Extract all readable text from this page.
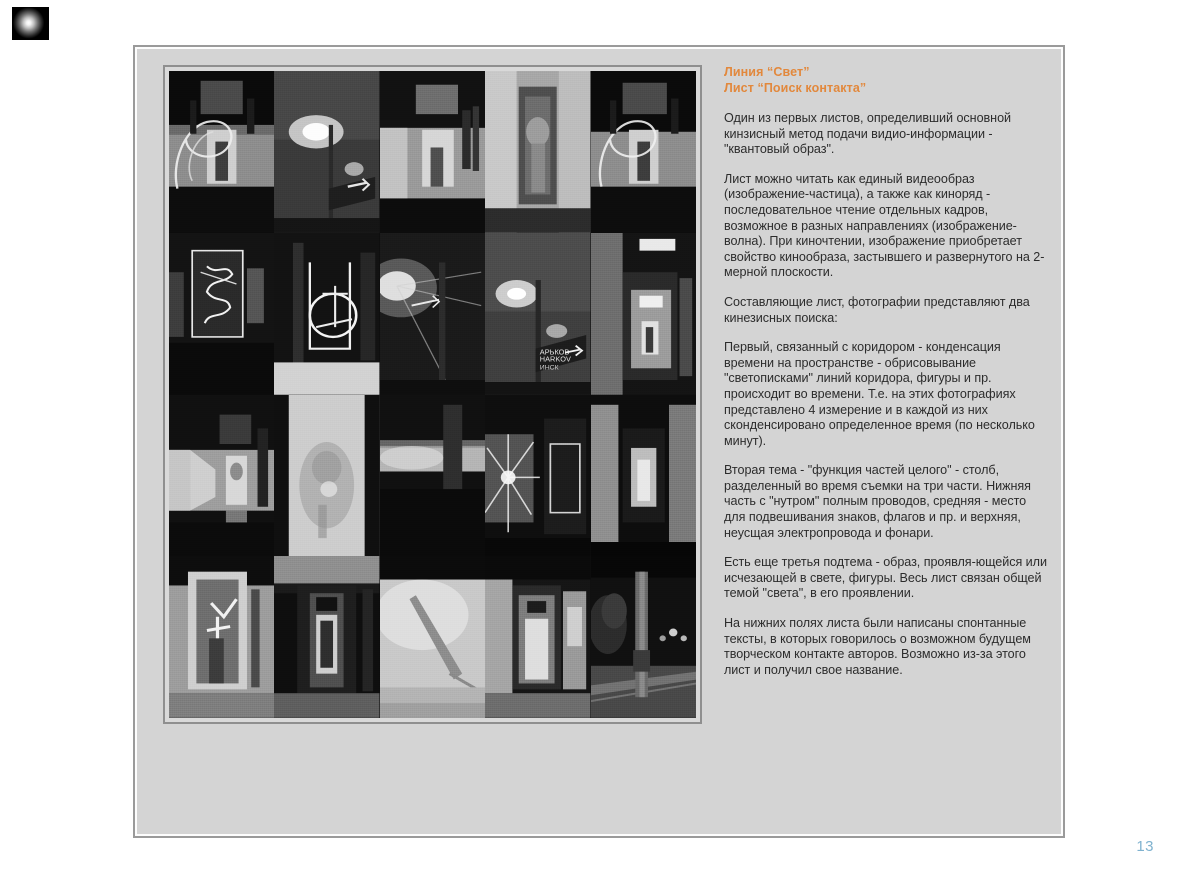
АРЬКОВ
HARKOV
ИНСК
Линия “Свет”
Лист “Поиск контакта”

Один из первых листов, определивший основной кинзисный метод подачи видио-информации - "квантовый образ".

Лист можно читать как единый видеообраз (изображение-частица), а также как киноряд - последовательное чтение отдельных кадров, возможное в разных направлениях (изображение-волна). При киночтении, изображение приобретает свойство кинообраза, застывшего и развернутого на 2-мерной плоскости.

Составляющие лист, фотографии представляют два кинезисных поиска:

Первый, связанный с коридором - конденсация времени на пространстве - обрисовывание "светописками" линий коридора, фигуры и пр. происходит во времени. Т.е. на этих фотографиях представлено 4 измерение и в каждой из них сконденсировано определенное время (по несколько минут).

Вторая тема - "функция частей целого" - столб, разделенный во время съемки на три части. Нижняя часть с "нутром" полным проводов, средняя - место для подвешивания знаков, флагов и пр. и верхняя, неусщая электропровода и фонари.

Есть еще третья подтема - образ, проявля-ющейся или исчезающей в свете, фигуры. Весь лист связан общей темой "света", в его проявлении.

На нижних полях листа были написаны спонтанные тексты, в которых говорилось о возможном будущем творческом контакте авторов. Возможно из-за этого лист и получил свое название.

13
